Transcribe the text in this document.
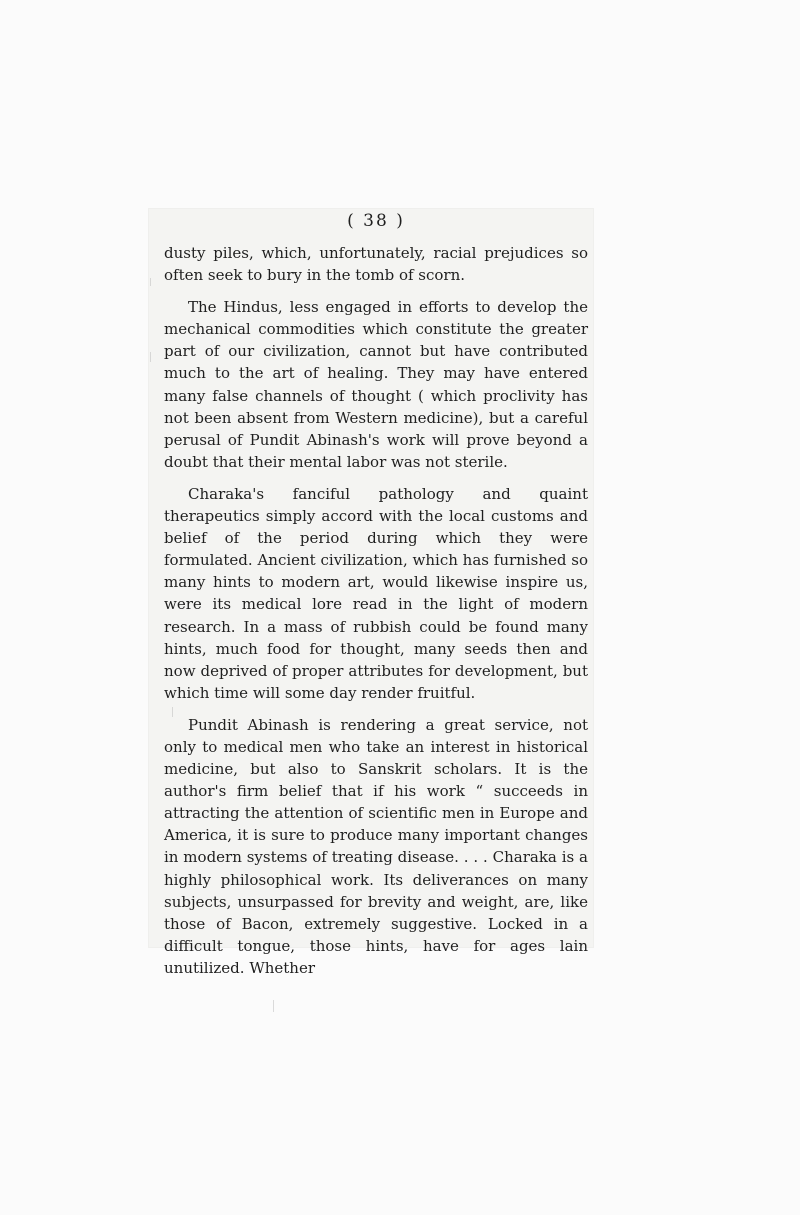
( 38 )

dusty piles, which, unfortunately, racial prejudices so often seek to bury in the tomb of scorn.

The Hindus, less engaged in efforts to develop the mechanical commodities which constitute the greater part of our civilization, cannot but have contributed much to the art of healing. They may have entered many false channels of thought ( which proclivity has not been absent from Western medicine), but a careful perusal of Pundit Abinash's work will prove beyond a doubt that their mental labor was not sterile.

Charaka's fanciful pathology and quaint therapeutics simply accord with the local customs and belief of the period during which they were formulated. Ancient civilization, which has furnished so many hints to modern art, would likewise inspire us, were its medical lore read in the light of modern research. In a mass of rubbish could be found many hints, much food for thought, many seeds then and now deprived of proper attributes for development, but which time will some day render fruitful.

Pundit Abinash is rendering a great service, not only to medical men who take an interest in historical medicine, but also to Sanskrit scholars. It is the author's firm belief that if his work “ succeeds in attracting the attention of scientific men in Europe and America, it is sure to produce many important changes in modern systems of treating disease. . . . Charaka is a highly philosophical work. Its deliverances on many subjects, unsurpassed for brevity and weight, are, like those of Bacon, extremely suggestive. Locked in a difficult tongue, those hints, have for ages lain unutilized. Whether
